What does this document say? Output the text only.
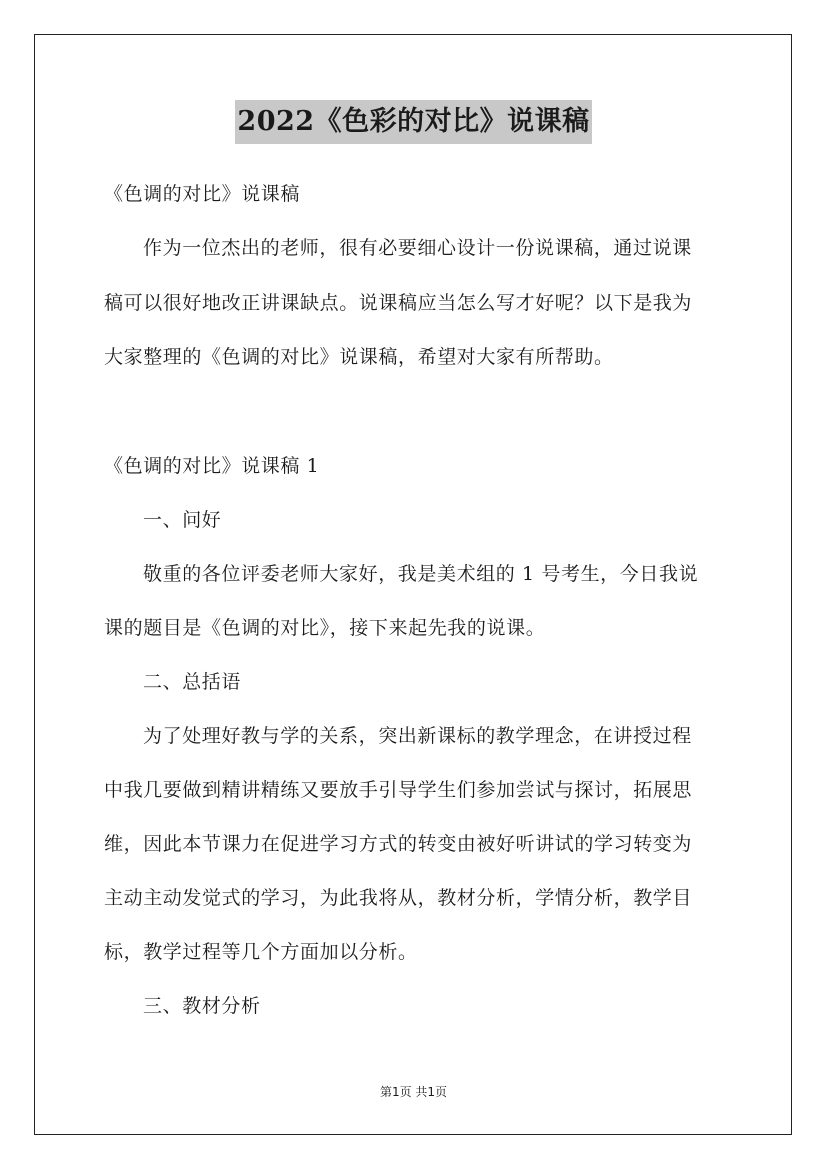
2022《色彩的对比》说课稿
《色调的对比》说课稿
作为一位杰出的老师，很有必要细心设计一份说课稿，通过说课
稿可以很好地改正讲课缺点。说课稿应当怎么写才好呢？以下是我为
大家整理的《色调的对比》说课稿，希望对大家有所帮助。
《色调的对比》说课稿 1
一、问好
敬重的各位评委老师大家好，我是美术组的 1 号考生，今日我说
课的题目是《色调的对比》，接下来起先我的说课。
二、总括语
为了处理好教与学的关系，突出新课标的教学理念，在讲授过程
中我几要做到精讲精练又要放手引导学生们参加尝试与探讨，拓展思
维，因此本节课力在促进学习方式的转变由被好听讲试的学习转变为
主动主动发觉式的学习，为此我将从，教材分析，学情分析，教学目
标，教学过程等几个方面加以分析。
三、教材分析
第1页 共1页
